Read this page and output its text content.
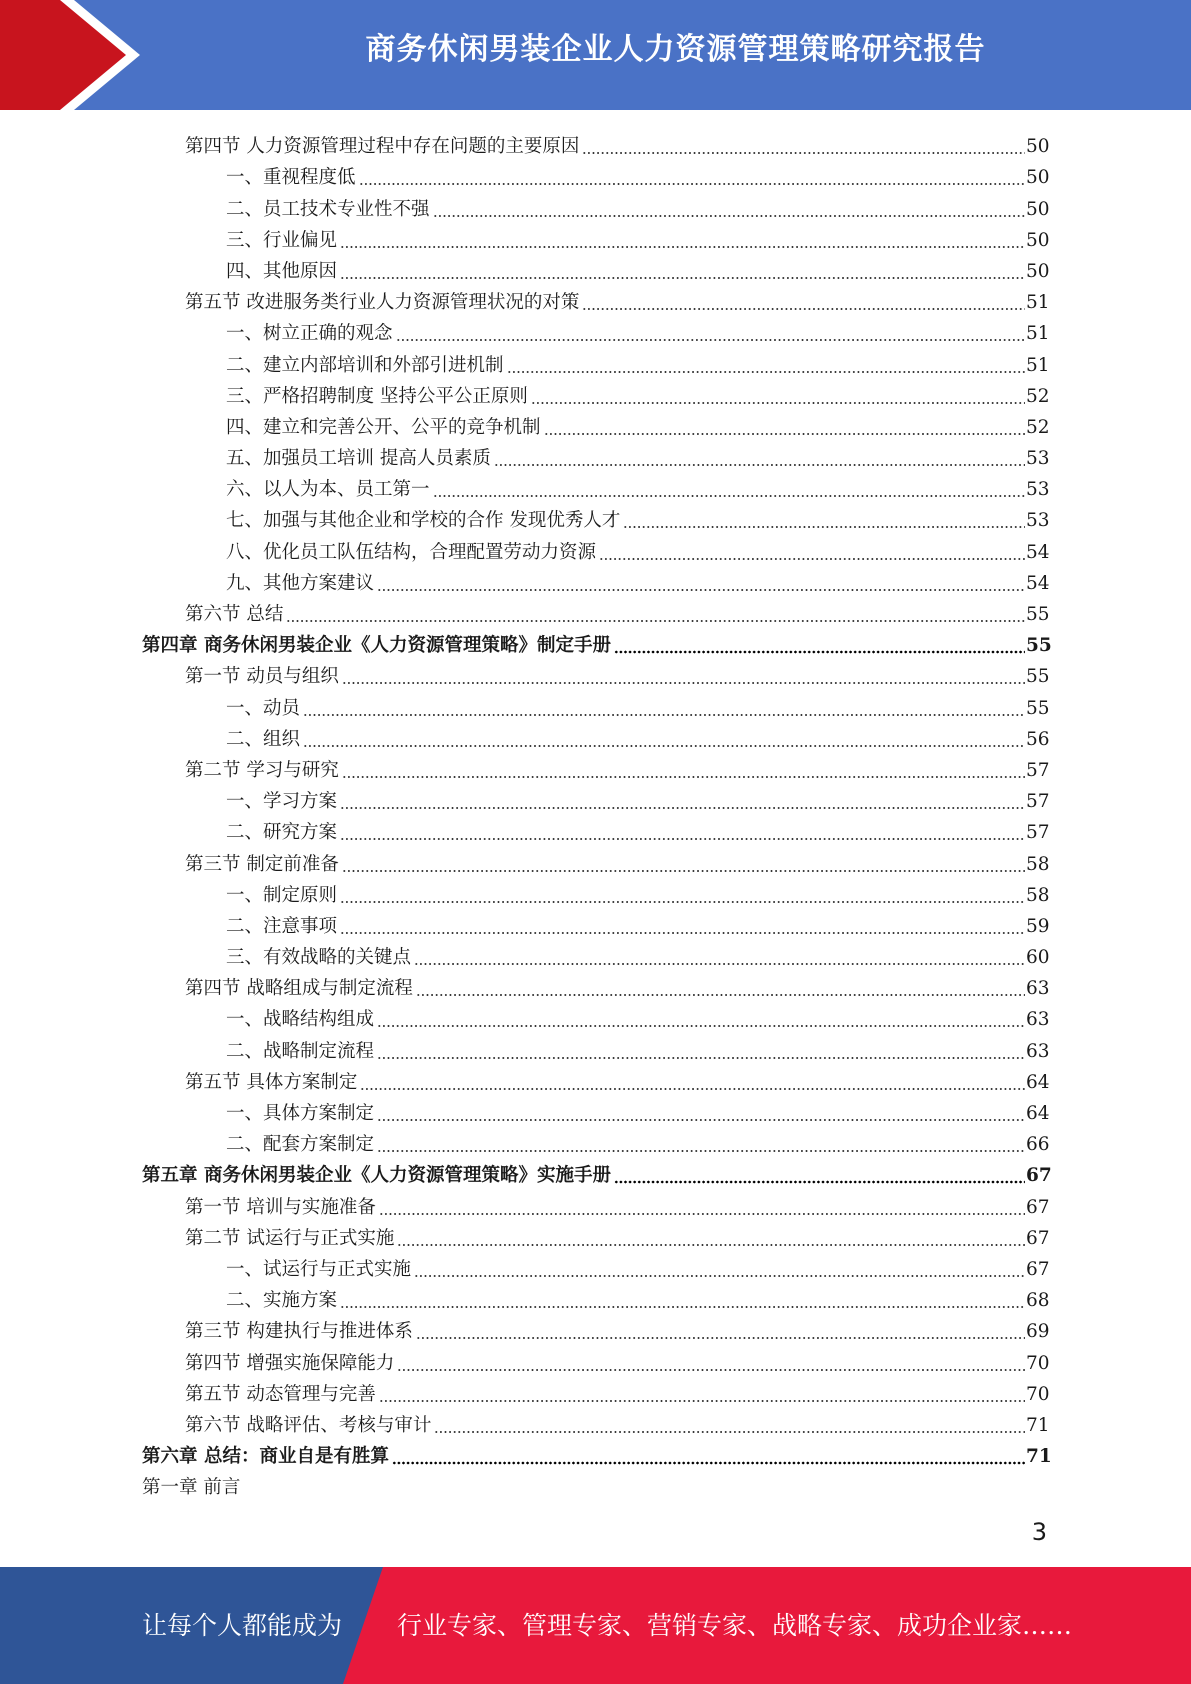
商务休闲男装企业人力资源管理策略研究报告
第四节 人力资源管理过程中存在问题的主要原因	50
一、重视程度低	50
二、员工技术专业性不强	50
三、行业偏见	50
四、其他原因	50
第五节 改进服务类行业人力资源管理状况的对策	51
一、树立正确的观念	51
二、建立内部培训和外部引进机制	51
三、严格招聘制度 坚持公平公正原则	52
四、建立和完善公开、公平的竞争机制	52
五、加强员工培训 提高人员素质	53
六、以人为本、员工第一	53
七、加强与其他企业和学校的合作 发现优秀人才	53
八、优化员工队伍结构，合理配置劳动力资源	54
九、其他方案建议	54
第六节 总结	55
第四章 商务休闲男装企业《人力资源管理策略》制定手册	55
第一节 动员与组织	55
一、动员	55
二、组织	56
第二节 学习与研究	57
一、学习方案	57
二、研究方案	57
第三节 制定前准备	58
一、制定原则	58
二、注意事项	59
三、有效战略的关键点	60
第四节 战略组成与制定流程	63
一、战略结构组成	63
二、战略制定流程	63
第五节 具体方案制定	64
一、具体方案制定	64
二、配套方案制定	66
第五章 商务休闲男装企业《人力资源管理策略》实施手册	67
第一节 培训与实施准备	67
第二节 试运行与正式实施	67
一、试运行与正式实施	67
二、实施方案	68
第三节 构建执行与推进体系	69
第四节 增强实施保障能力	70
第五节 动态管理与完善	70
第六节 战略评估、考核与审计	71
第六章 总结：商业自是有胜算	71
第一章 前言
3
让每个人都能成为 行业专家、管理专家、营销专家、战略专家、成功企业家……
